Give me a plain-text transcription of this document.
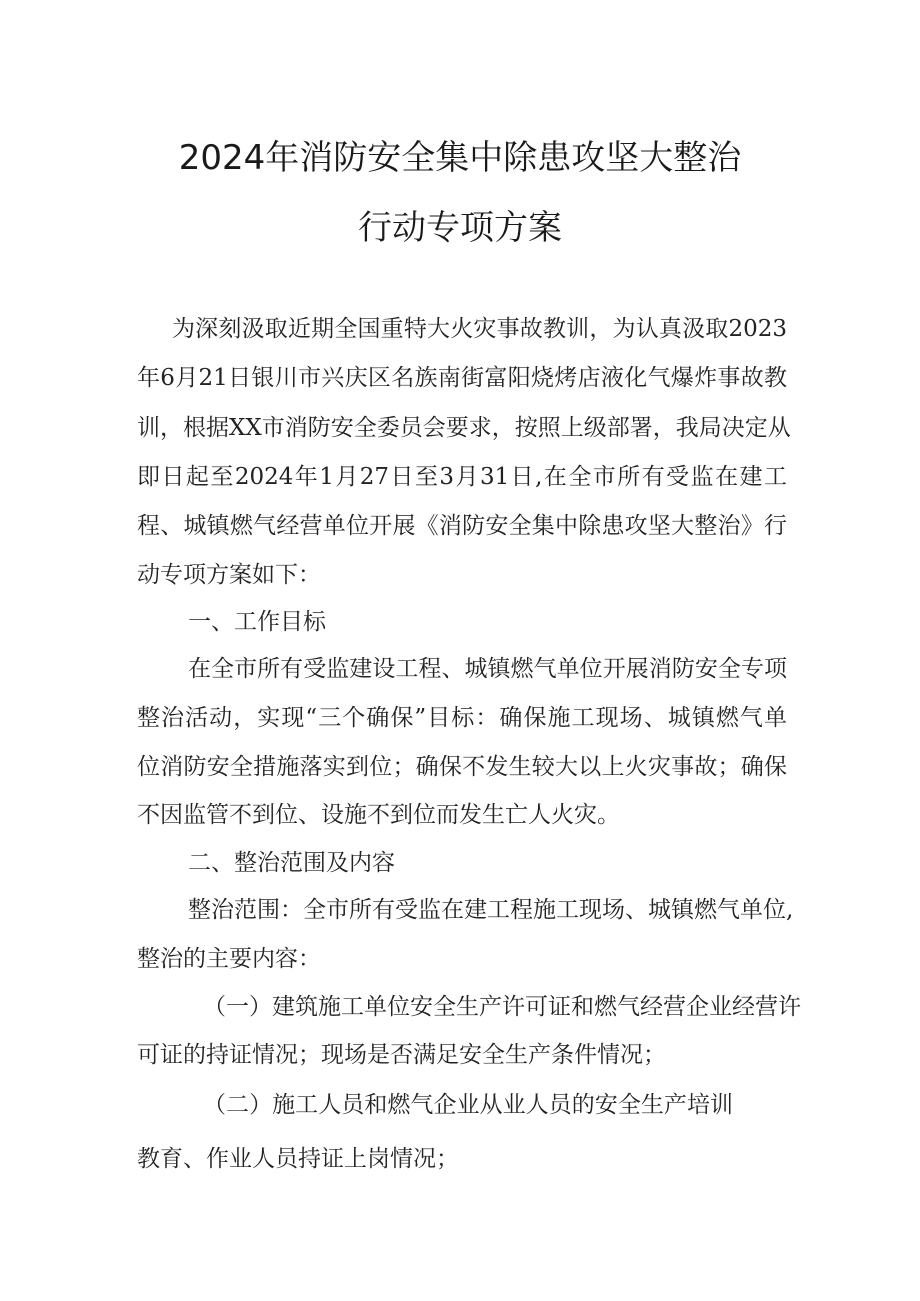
2024年消防安全集中除患攻坚大整治
行动专项方案
为深刻汲取近期全国重特大火灾事故教训，为认真汲取2023
年6月21日银川市兴庆区名族南街富阳烧烤店液化气爆炸事故教
训，根据XX市消防安全委员会要求，按照上级部署，我局决定从
即日起至2024年1月27日至3月31日,在全市所有受监在建工
程、城镇燃气经营单位开展《消防安全集中除患攻坚大整治》行
动专项方案如下：
一、工作目标
在全市所有受监建设工程、城镇燃气单位开展消防安全专项
整治活动，实现“三个确保”目标：确保施工现场、城镇燃气单
位消防安全措施落实到位；确保不发生较大以上火灾事故；确保
不因监管不到位、设施不到位而发生亡人火灾。
二、整治范围及内容
整治范围：全市所有受监在建工程施工现场、城镇燃气单位,
整治的主要内容：
（一）建筑施工单位安全生产许可证和燃气经营企业经营许
可证的持证情况；现场是否满足安全生产条件情况；
（二）施工人员和燃气企业从业人员的安全生产培训
教育、作业人员持证上岗情况；
